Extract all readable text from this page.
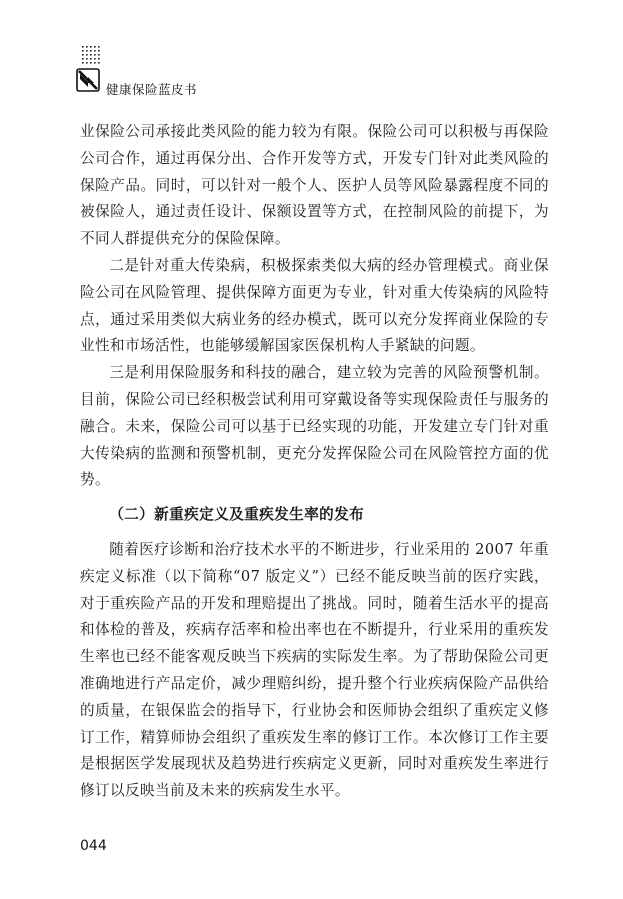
健康保险蓝皮书

业保险公司承接此类风险的能力较为有限。保险公司可以积极与再保险公司合作，通过再保分出、合作开发等方式，开发专门针对此类风险的保险产品。同时，可以针对一般个人、医护人员等风险暴露程度不同的被保险人，通过责任设计、保额设置等方式，在控制风险的前提下，为不同人群提供充分的保险保障。

二是针对重大传染病，积极探索类似大病的经办管理模式。商业保险公司在风险管理、提供保障方面更为专业，针对重大传染病的风险特点，通过采用类似大病业务的经办模式，既可以充分发挥商业保险的专业性和市场活性，也能够缓解国家医保机构人手紧缺的问题。

三是利用保险服务和科技的融合，建立较为完善的风险预警机制。目前，保险公司已经积极尝试利用可穿戴设备等实现保险责任与服务的融合。未来，保险公司可以基于已经实现的功能，开发建立专门针对重大传染病的监测和预警机制，更充分发挥保险公司在风险管控方面的优势。

（二）新重疾定义及重疾发生率的发布

随着医疗诊断和治疗技术水平的不断进步，行业采用的 2007 年重疾定义标准（以下简称“07 版定义”）已经不能反映当前的医疗实践，对于重疾险产品的开发和理赔提出了挑战。同时，随着生活水平的提高和体检的普及，疾病存活率和检出率也在不断提升，行业采用的重疾发生率也已经不能客观反映当下疾病的实际发生率。为了帮助保险公司更准确地进行产品定价，减少理赔纠纷，提升整个行业疾病保险产品供给的质量，在银保监会的指导下，行业协会和医师协会组织了重疾定义修订工作，精算师协会组织了重疾发生率的修订工作。本次修订工作主要是根据医学发展现状及趋势进行疾病定义更新，同时对重疾发生率进行修订以反映当前及未来的疾病发生水平。

044
